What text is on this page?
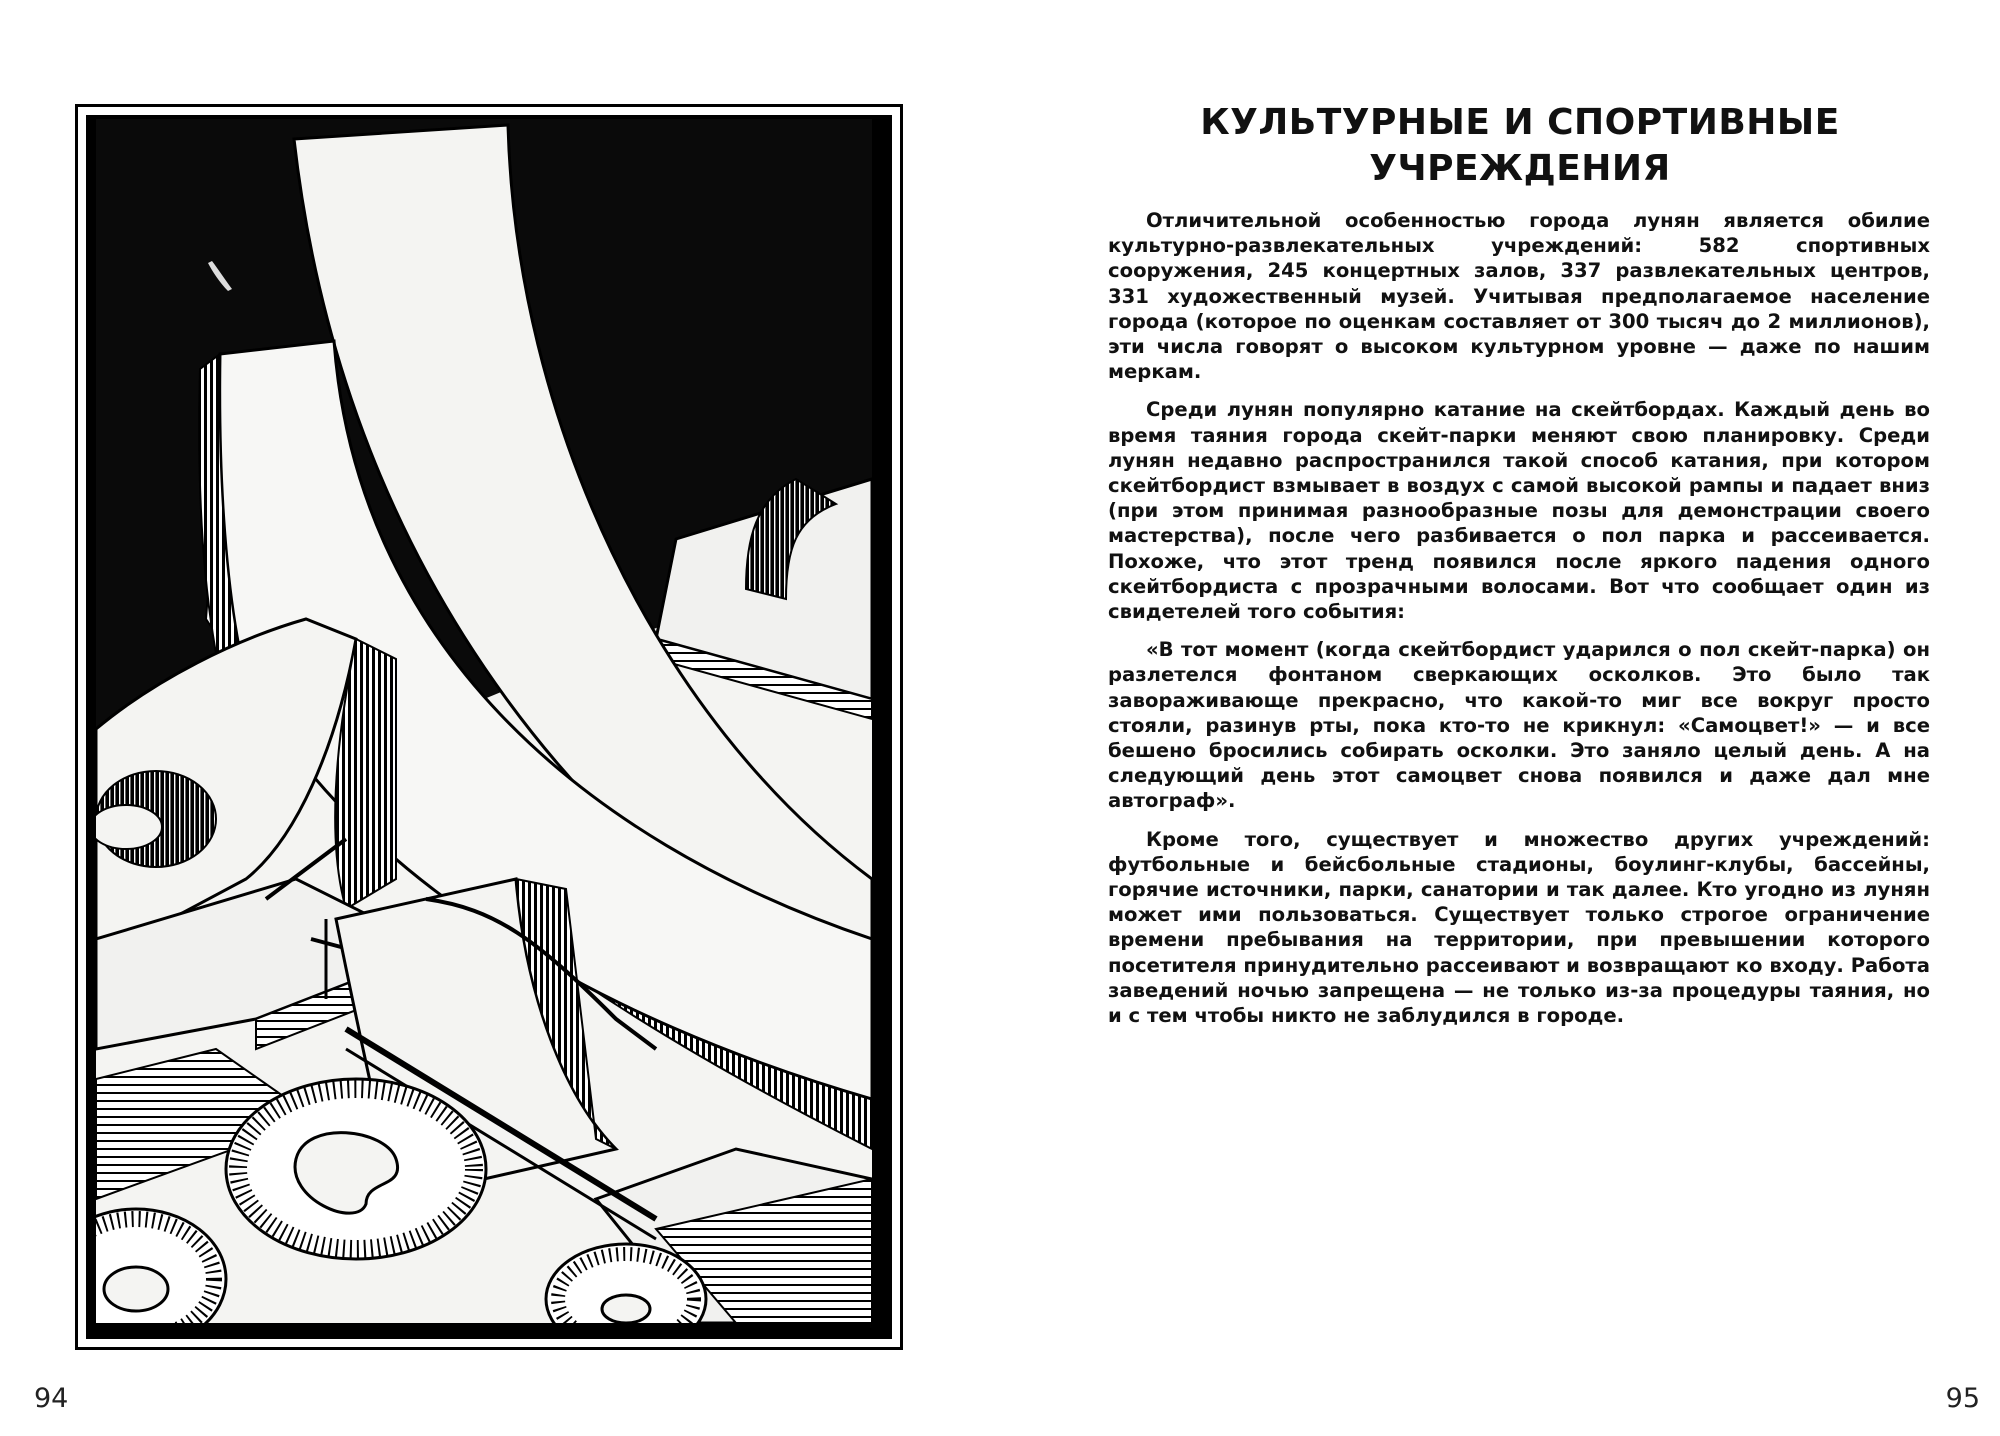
94
КУЛЬТУРНЫЕ И СПОРТИВНЫЕ
УЧРЕЖДЕНИЯ

Отличительной особенностью города лунян является обилие культурно-развлекательных учреждений: 582 спортивных сооружения, 245 концертных залов, 337 развлекательных центров, 331 художественный музей. Учитывая предполагаемое население города (которое по оценкам составляет от 300 тысяч до 2 миллионов), эти числа говорят о высоком культурном уровне — даже по нашим меркам.

Среди лунян популярно катание на скейтбордах. Каждый день во время таяния города скейт-парки меняют свою планировку. Среди лунян недавно распространился такой способ катания, при котором скейтбордист взмывает в воздух с самой высокой рампы и падает вниз (при этом принимая разнообразные позы для демонстрации своего мастерства), после чего разбивается о пол парка и рассеивается. Похоже, что этот тренд появился после яркого падения одного скейтбордиста с прозрачными волосами. Вот что сообщает один из свидетелей того события:

«В тот момент (когда скейтбордист ударился о пол скейт-парка) он разлетелся фонтаном сверкающих осколков. Это было так завораживающе прекрасно, что какой-то миг все вокруг просто стояли, разинув рты, пока кто-то не крикнул: «Самоцвет!» — и все бешено бросились собирать осколки. Это заняло целый день. А на следующий день этот самоцвет снова появился и даже дал мне автограф».

Кроме того, существует и множество других учреждений: футбольные и бейсбольные стадионы, боулинг-клубы, бассейны, горячие источники, парки, санатории и так далее. Кто угодно из лунян может ими пользоваться. Существует только строгое ограничение времени пребывания на территории, при превышении которого посетителя принудительно рассеивают и возвращают ко входу. Работа заведений ночью запрещена — не только из-за процедуры таяния, но и с тем чтобы никто не заблудился в городе.

95
